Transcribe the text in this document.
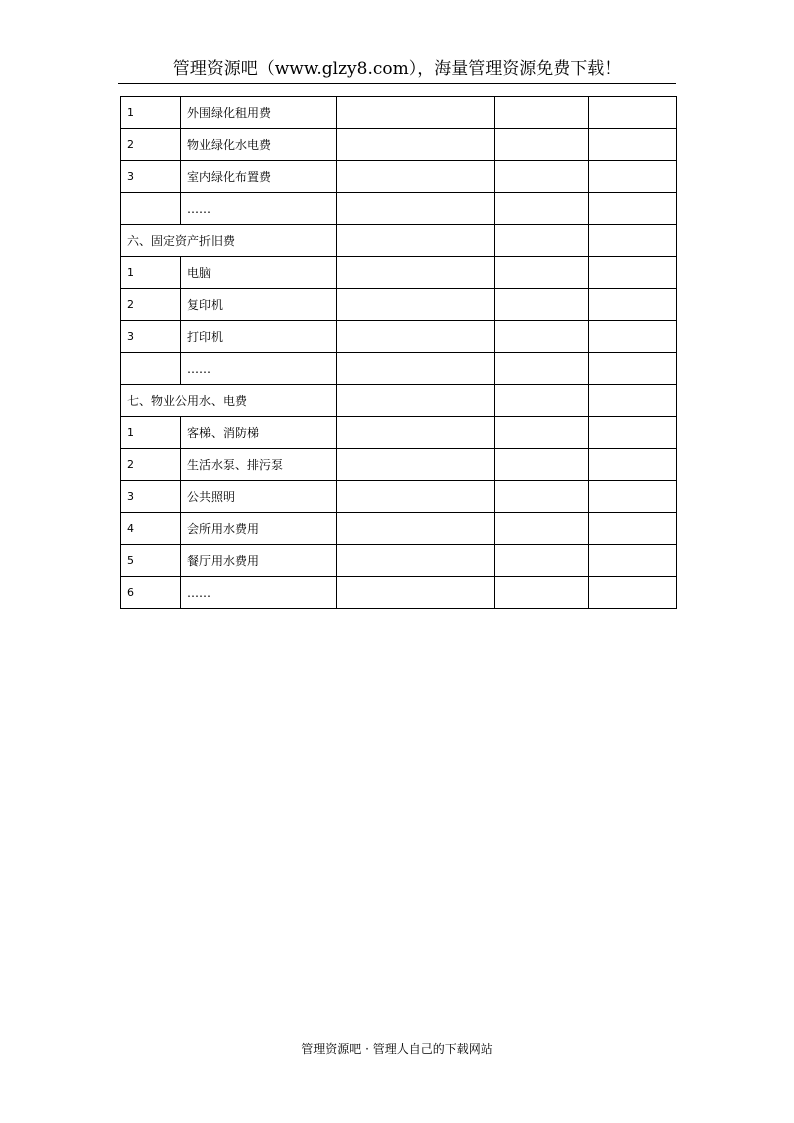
管理资源吧（www.glzy8.com），海量管理资源免费下载！
1	外围绿化租用费			
2	物业绿化水电费			
3	室内绿化布置费			
	……			
六、固定资产折旧费				
1	电脑			
2	复印机			
3	打印机			
	……			
七、物业公用水、电费				
1	客梯、消防梯			
2	生活水泵、排污泵			
3	公共照明			
4	会所用水费用			
5	餐厅用水费用			
6	……			
管理资源吧 · 管理人自己的下载网站
